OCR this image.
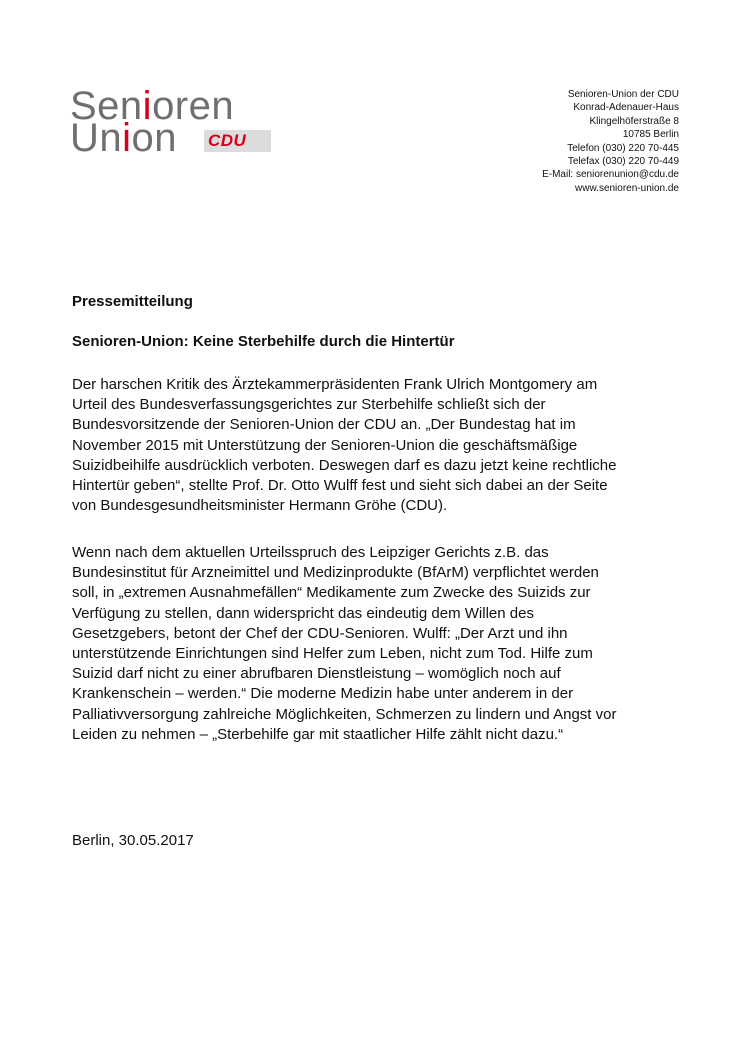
Senioren
Union CDU
Senioren-Union der CDU
Konrad-Adenauer-Haus
Klingelhöferstraße 8
10785 Berlin
Telefon (030) 220 70-445
Telefax (030) 220 70-449
E-Mail: seniorenunion@cdu.de
www.senioren-union.de
Pressemitteilung
Senioren-Union: Keine Sterbehilfe durch die Hintertür
Der harschen Kritik des Ärztekammerpräsidenten Frank Ulrich Montgomery am
Urteil des Bundesverfassungsgerichtes zur Sterbehilfe schließt sich der
Bundesvorsitzende der Senioren-Union der CDU an. „Der Bundestag hat im
November 2015 mit Unterstützung der Senioren-Union die geschäftsmäßige
Suizidbeihilfe ausdrücklich verboten. Deswegen darf es dazu jetzt keine rechtliche
Hintertür geben“, stellte Prof. Dr. Otto Wulff fest und sieht sich dabei an der Seite
von Bundesgesundheitsminister Hermann Gröhe (CDU).
Wenn nach dem aktuellen Urteilsspruch des Leipziger Gerichts z.B. das
Bundesinstitut für Arzneimittel und Medizinprodukte (BfArM) verpflichtet werden
soll, in „extremen Ausnahmefällen“ Medikamente zum Zwecke des Suizids zur
Verfügung zu stellen, dann widerspricht das eindeutig dem Willen des
Gesetzgebers, betont der Chef der CDU-Senioren. Wulff: „Der Arzt und ihn
unterstützende Einrichtungen sind Helfer zum Leben, nicht zum Tod. Hilfe zum
Suizid darf nicht zu einer abrufbaren Dienstleistung – womöglich noch auf
Krankenschein – werden.“ Die moderne Medizin habe unter anderem in der
Palliativversorgung zahlreiche Möglichkeiten, Schmerzen zu lindern und Angst vor
Leiden zu nehmen – „Sterbehilfe gar mit staatlicher Hilfe zählt nicht dazu.“
Berlin, 30.05.2017
